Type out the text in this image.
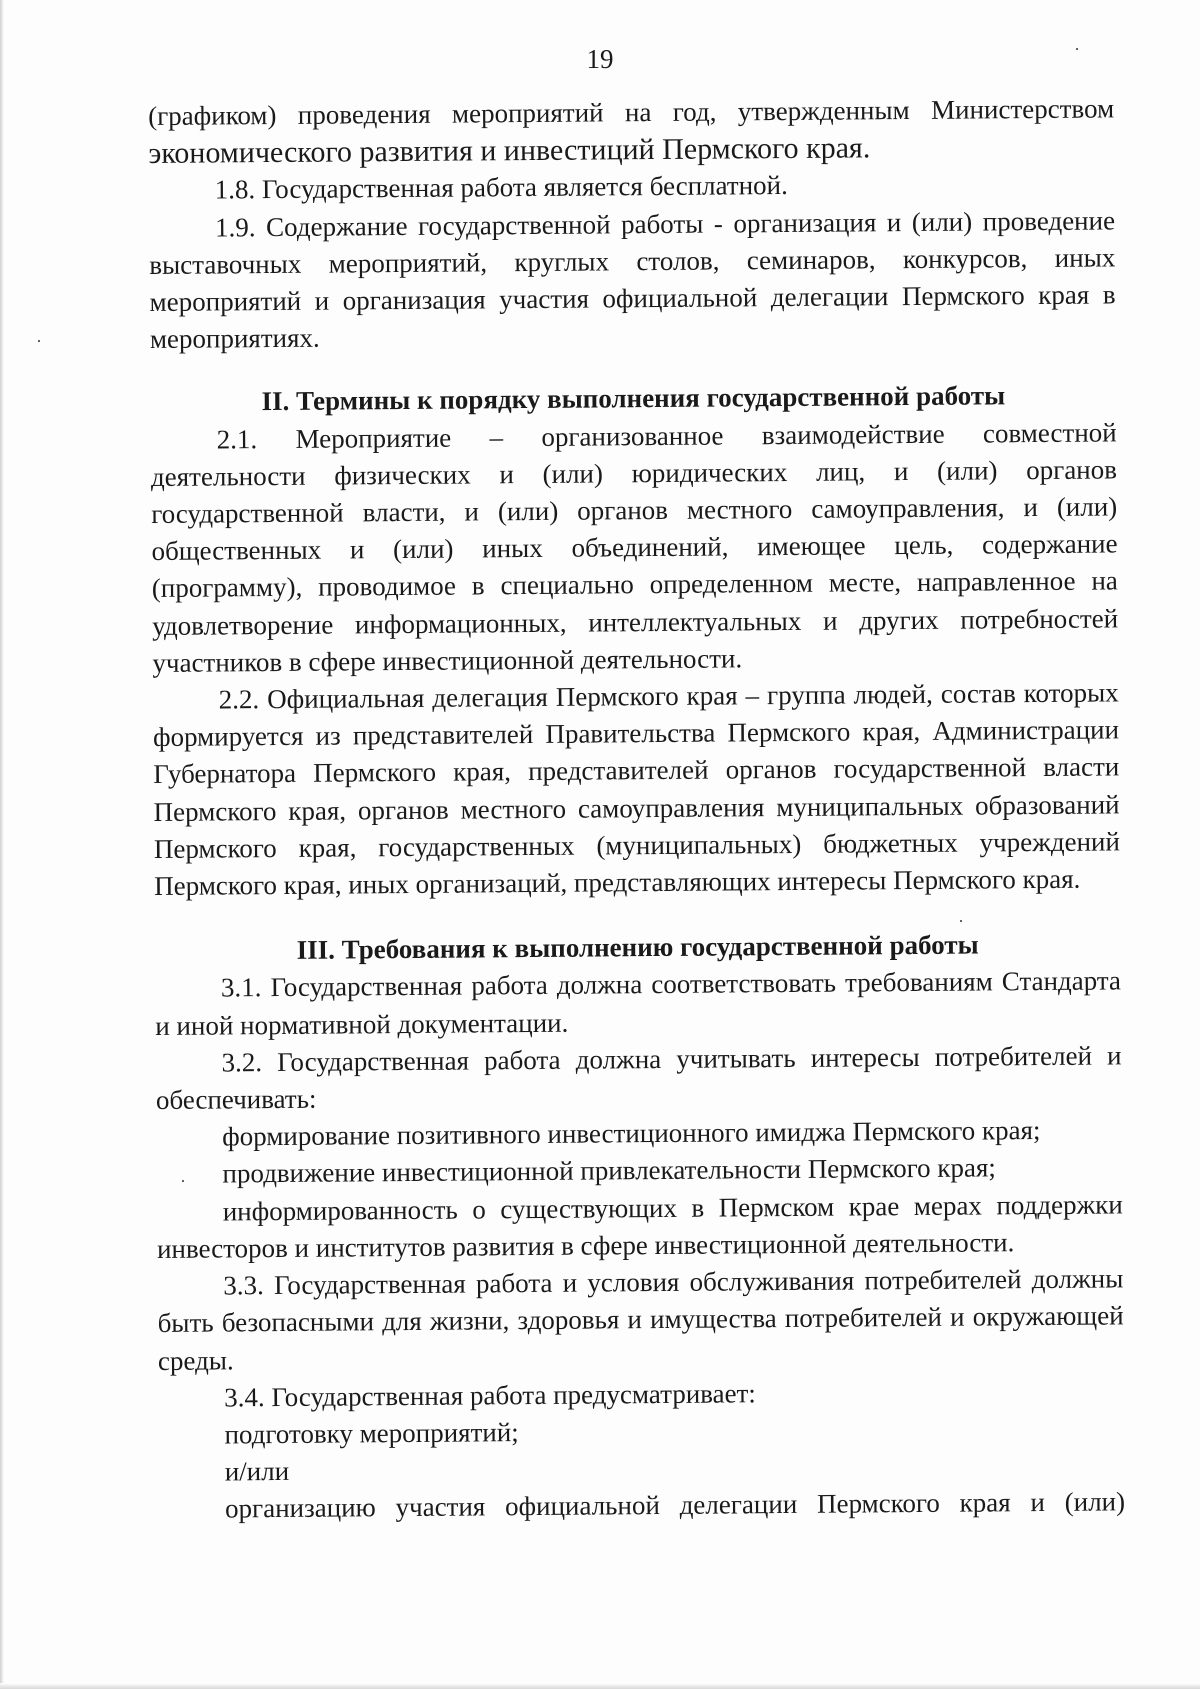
19

(графиком) проведения мероприятий на год, утвержденным Министерством

экономического развития и инвестиций Пермского края.

1.8. Государственная работа является бесплатной.

1.9. Содержание государственной работы - организация и (или) проведение выставочных мероприятий, круглых столов, семинаров, конкурсов, иных мероприятий и организация участия официальной делегации Пермского края в мероприятиях.

II. Термины к порядку выполнения государственной работы

2.1. Мероприятие – организованное взаимодействие совместной деятельности физических и (или) юридических лиц, и (или) органов государственной власти, и (или) органов местного самоуправления, и (или) общественных и (или) иных объединений, имеющее цель, содержание (программу), проводимое в специально определенном месте, направленное на удовлетворение информационных, интеллектуальных и других потребностей участников в сфере инвестиционной деятельности.

2.2. Официальная делегация Пермского края – группа людей, состав которых формируется из представителей Правительства Пермского края, Администрации Губернатора Пермского края, представителей органов государственной власти Пермского края, органов местного самоуправления муниципальных образований Пермского края, государственных (муниципальных) бюджетных учреждений Пермского края, иных организаций, представляющих интересы Пермского края.

III. Требования к выполнению государственной работы

3.1. Государственная работа должна соответствовать требованиям Стандарта и иной нормативной документации.

3.2. Государственная работа должна учитывать интересы потребителей и обеспечивать:

формирование позитивного инвестиционного имиджа Пермского края;

продвижение инвестиционной привлекательности Пермского края;

информированность о существующих в Пермском крае мерах поддержки инвесторов и институтов развития в сфере инвестиционной деятельности.

3.3. Государственная работа и условия обслуживания потребителей должны быть безопасными для жизни, здоровья и имущества потребителей и окружающей среды.

3.4. Государственная работа предусматривает:

подготовку мероприятий;

и/или

организацию участия официальной делегации Пермского края и (или)
